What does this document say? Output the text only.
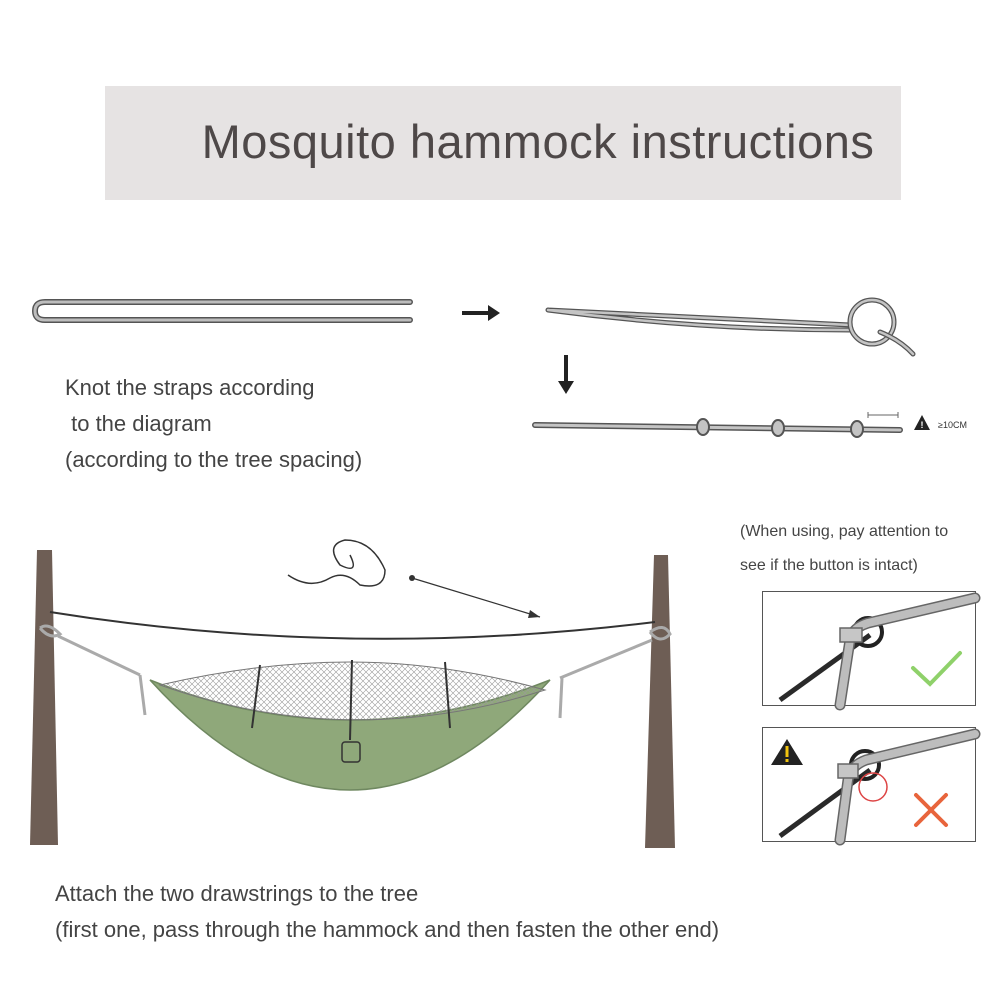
Mosquito hammock instructions
Knot the straps according
to the diagram
(according to the tree spacing)
(When using, pay attention to
see if the button is intact)
Attach the two drawstrings to the tree
(first one, pass through the hammock and then fasten the other end)
≥10CM
!
